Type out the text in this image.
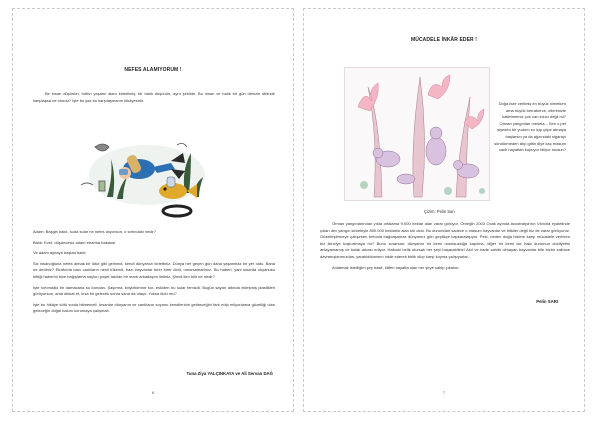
NEFES ALAMIYORUM !

Bir insan düşünün, bütün yaşamı alanı kirletilmiş, bir balık düşünün, aynı şekilde. Bu insan ve balık bir gün denizin dibinde karşılaşsa ne olurdu? İşte bu yaz bu karşılaşmanın hikâyesidir.

Adam: Başgin balık, suda sular ne nefes alıyorsun, o sırtındaki nedir?

Balık: Evet, düşüncesiz adam etrafına bakana!

Ve adam aynaya baştan balık.

Siz insanoğluna nefes almak bir lütuf gibi gelmedi, kendi dünyanızı kirlettiniz. Dünya her geçen gün daha yaşanmaz bir yer oldu. Bana ne dediniz? Etrafında bazı canlıların nesli tükendi, bazı hayvanlar birer birer öldü, umursamadınız. Bu haberi, yani sularda okyanusu bittiği haberini bize bağışlama naylon poşet takılan bir martı arkadaşım iletiniz. Şimdi kim bilir ne nedir?

İşte sırtımdaki bir damacana su bundan. Şaşırma, böyleklerine sor, eskiden bu sular temizdi. Bugün sayarı altında ekleşmiş plastikleri görüyorsun, ama dikkat et, kısa bir gelecek sonra sana da ulaşır. Yoksa öldü mu?

İşte bu hikâye kötü sonla bitmemeli. İnsanlar dünyanın ve canlıların soyunu kendilerinin getireceğini fark edip milyonlarca güzelliği olan geleceğin doğal hakını korumaya çalışmalı.

Tuna Ziya YALÇINKAYA ve Ali Servan DAĞ
6
MÜCADELE İNKÂR EDER !

Doğa bize verilmiş en büyük nimetken ama büyük berraberce, ellerimizle katletmemiz çok can sıkıcı değil mi? Orman yangınları mesela... Sen o pet şişeden bir yudum su içip çöpe atmaya başlarsın ya da ağzındaki sigarayı söndürmeden atıp gittin diye kaç masum canlı hayattan kopuyor biliyor musun?

Çizim: Pelin Sarı

Orman yangınlarından yılda ortalama 9.000 hektar alan zarar görüyor. Örneğin 2003 Ocak ayında Avustralya'nın Victoria eyaletinde çıkan dev yangın sebebiyle 800.000 hektarlık alan kül oldu. Bu durumdan sadece o masum hayvanlar ve bitkiler değil biz de zarar görüyoruz. Güzelleştirmeye çalışırken betonla bağdaşamaz dünyamız gün geçtikçe kapkaralaşıyor. Peki, neden doğa bizlere karşı mücadele verirken biz ikinciye koşturtmaya mı? Bunu sorarsan; dünyanın bir kemi umutsuzluğa kapılma, diğer bir kemi ise hala durumun ciddiyetini anlayamamış ve kulak arkası ediyor. Halbuki birlik olursak her şeyi başarabiliriz! Akıl ve irade sahibi olmayan hayvanlar bile bizim zalimce davranışlarımızdan, yaratıldıklarının inkâr ederek birlik olup karşı koyma çalışıyorlar...

Anlatmak istediğim şey basit, lütfen hayatta olan her şeye sahip çıkalım.

Pelin SARI
7
